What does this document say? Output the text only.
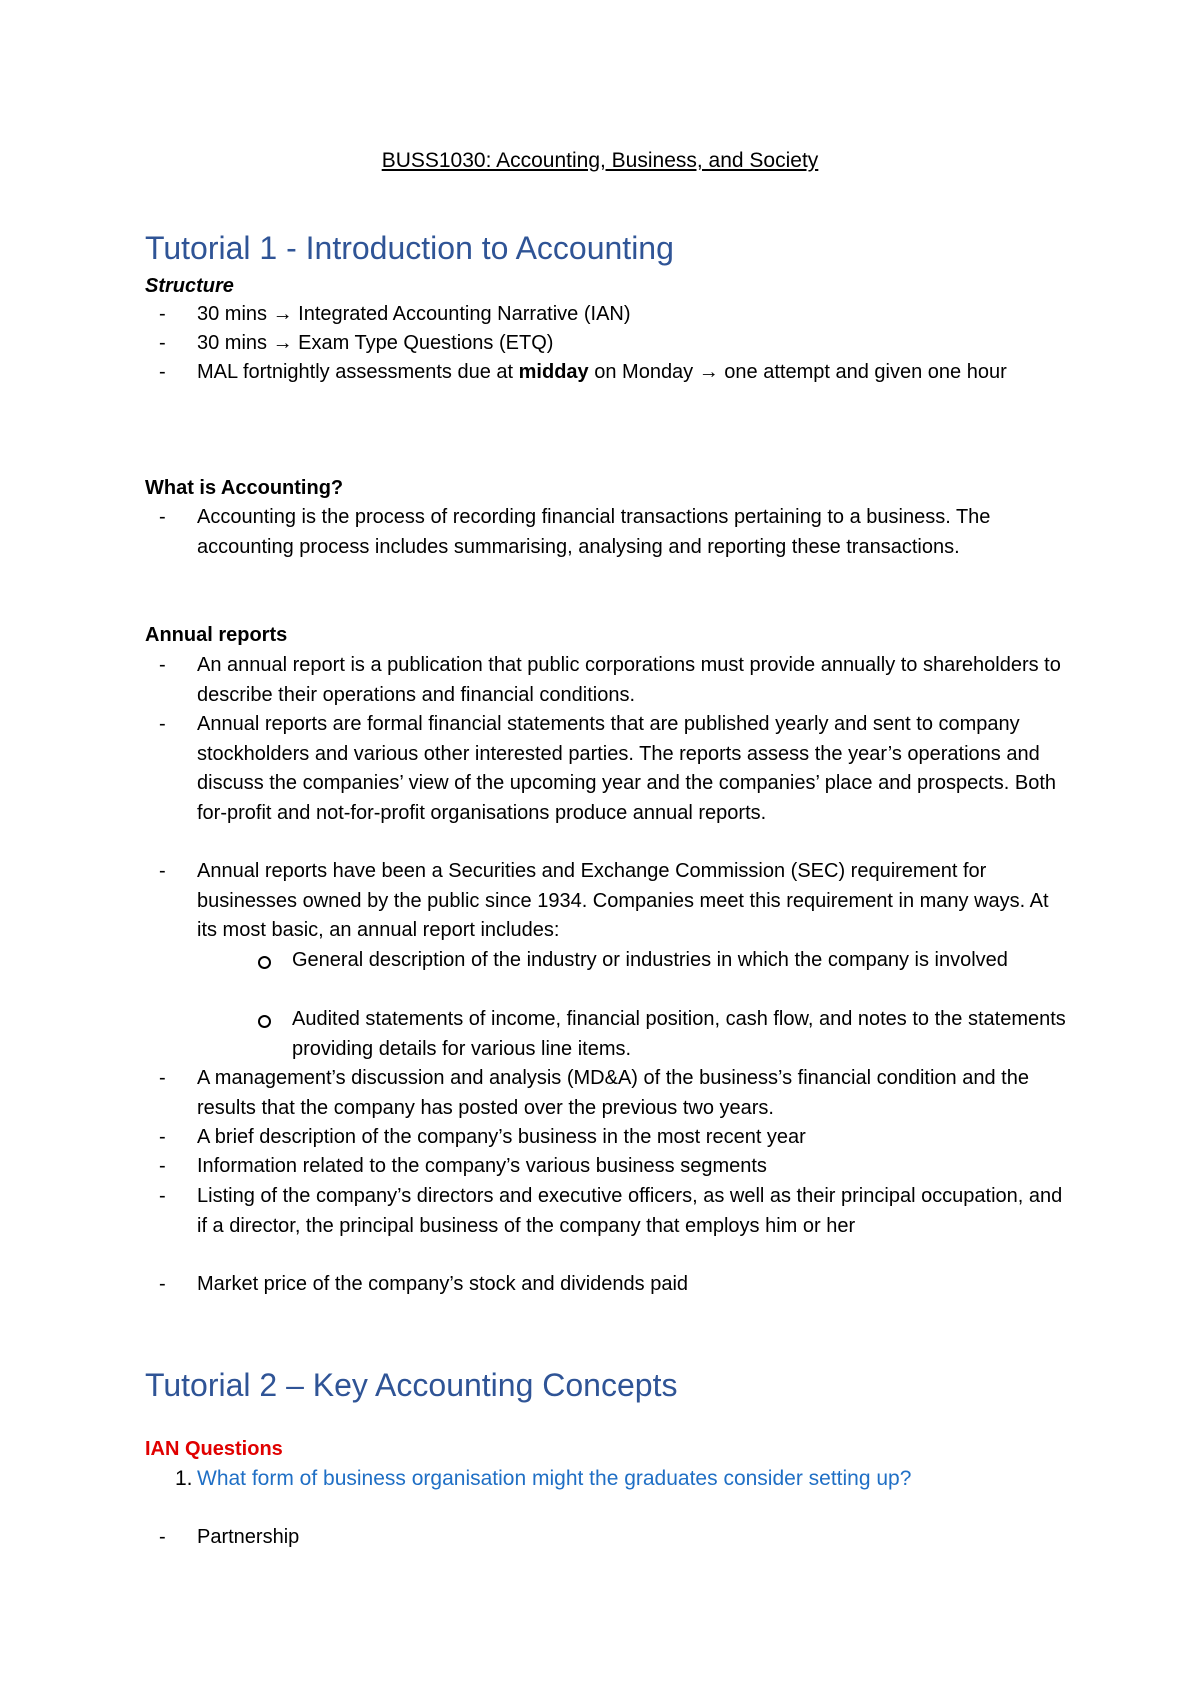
BUSS1030: Accounting, Business, and Society
Tutorial 1 - Introduction to Accounting
Structure
-	30 mins → Integrated Accounting Narrative (IAN)
-	30 mins → Exam Type Questions (ETQ)
-	MAL fortnightly assessments due at midday on Monday → one attempt and given one hour
What is Accounting?
-	Accounting is the process of recording financial transactions pertaining to a business. The accounting process includes summarising, analysing and reporting these transactions.
Annual reports
-	An annual report is a publication that public corporations must provide annually to shareholders to describe their operations and financial conditions.
-	Annual reports are formal financial statements that are published yearly and sent to company stockholders and various other interested parties. The reports assess the year’s operations and discuss the companies’ view of the upcoming year and the companies’ place and prospects. Both for-profit and not-for-profit organisations produce annual reports.
-	Annual reports have been a Securities and Exchange Commission (SEC) requirement for businesses owned by the public since 1934. Companies meet this requirement in many ways. At its most basic, an annual report includes:
General description of the industry or industries in which the company is involved
Audited statements of income, financial position, cash flow, and notes to the statements providing details for various line items.
-	A management’s discussion and analysis (MD&A) of the business’s financial condition and the results that the company has posted over the previous two years.
-	A brief description of the company’s business in the most recent year
-	Information related to the company’s various business segments
-	Listing of the company’s directors and executive officers, as well as their principal occupation, and if a director, the principal business of the company that employs him or her
-	Market price of the company’s stock and dividends paid
Tutorial 2 – Key Accounting Concepts
IAN Questions
1. What form of business organisation might the graduates consider setting up?
-	Partnership
